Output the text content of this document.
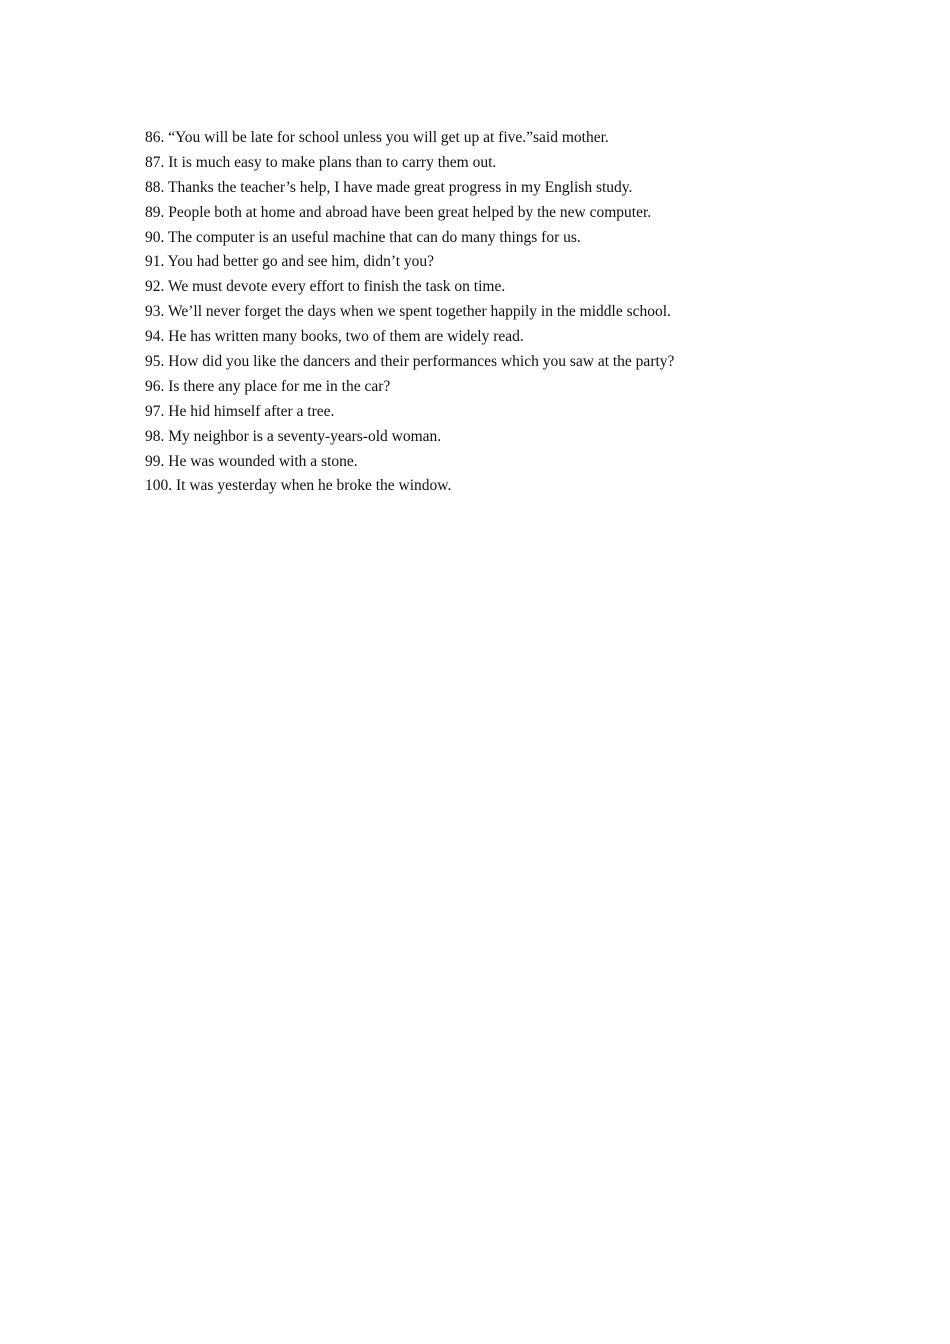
86. “You will be late for school unless you will get up at five.”said mother.
87. It is much easy to make plans than to carry them out.
88. Thanks the teacher’s help, I have made great progress in my English study.
89. People both at home and abroad have been great helped by the new computer.
90. The computer is an useful machine that can do many things for us.
91. You had better go and see him, didn’t you?
92. We must devote every effort to finish the task on time.
93. We’ll never forget the days when we spent together happily in the middle school.
94. He has written many books, two of them are widely read.
95. How did you like the dancers and their performances which you saw at the party?
96. Is there any place for me in the car?
97. He hid himself after a tree.
98. My neighbor is a seventy-years-old woman.
99. He was wounded with a stone.
100. It was yesterday when he broke the window.
